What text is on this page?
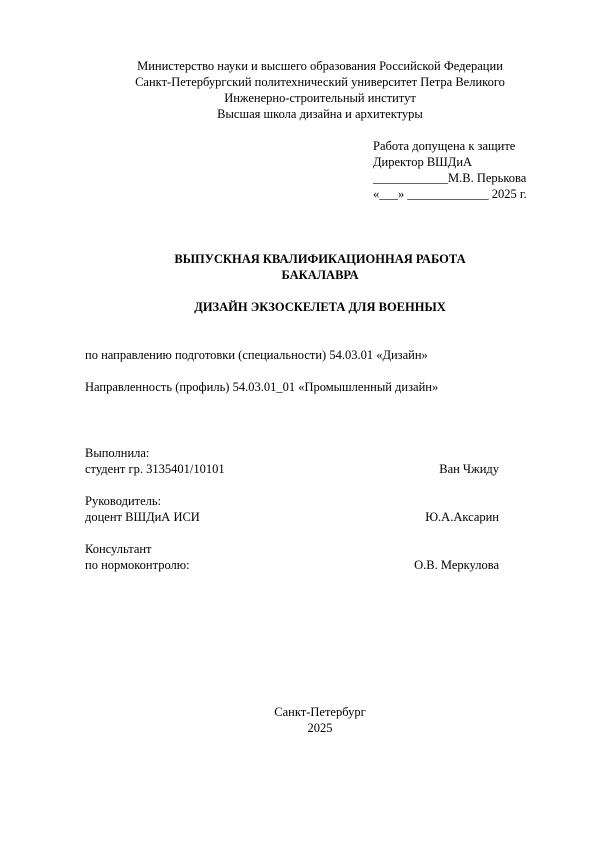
Министерство науки и высшего образования Российской Федерации
Санкт-Петербургский политехнический университет Петра Великого
Инженерно-строительный институт
Высшая школа дизайна и архитектуры
Работа допущена к защите
Директор ВШДиА
____________М.В. Перькова
«___» _____________ 2025 г.
ВЫПУСКНАЯ КВАЛИФИКАЦИОННАЯ РАБОТА
БАКАЛАВРА
ДИЗАЙН ЭКЗОСКЕЛЕТА ДЛЯ ВОЕННЫХ
по направлению подготовки (специальности) 54.03.01 «Дизайн»
Направленность (профиль) 54.03.01_01 «Промышленный дизайн»
Выполнила:
студент гр. 3135401/10101	Ван Чжиду
Руководитель:
доцент ВШДиА ИСИ	Ю.А.Аксарин
Консультант
по нормоконтролю:	О.В. Меркулова
Санкт-Петербург
2025
